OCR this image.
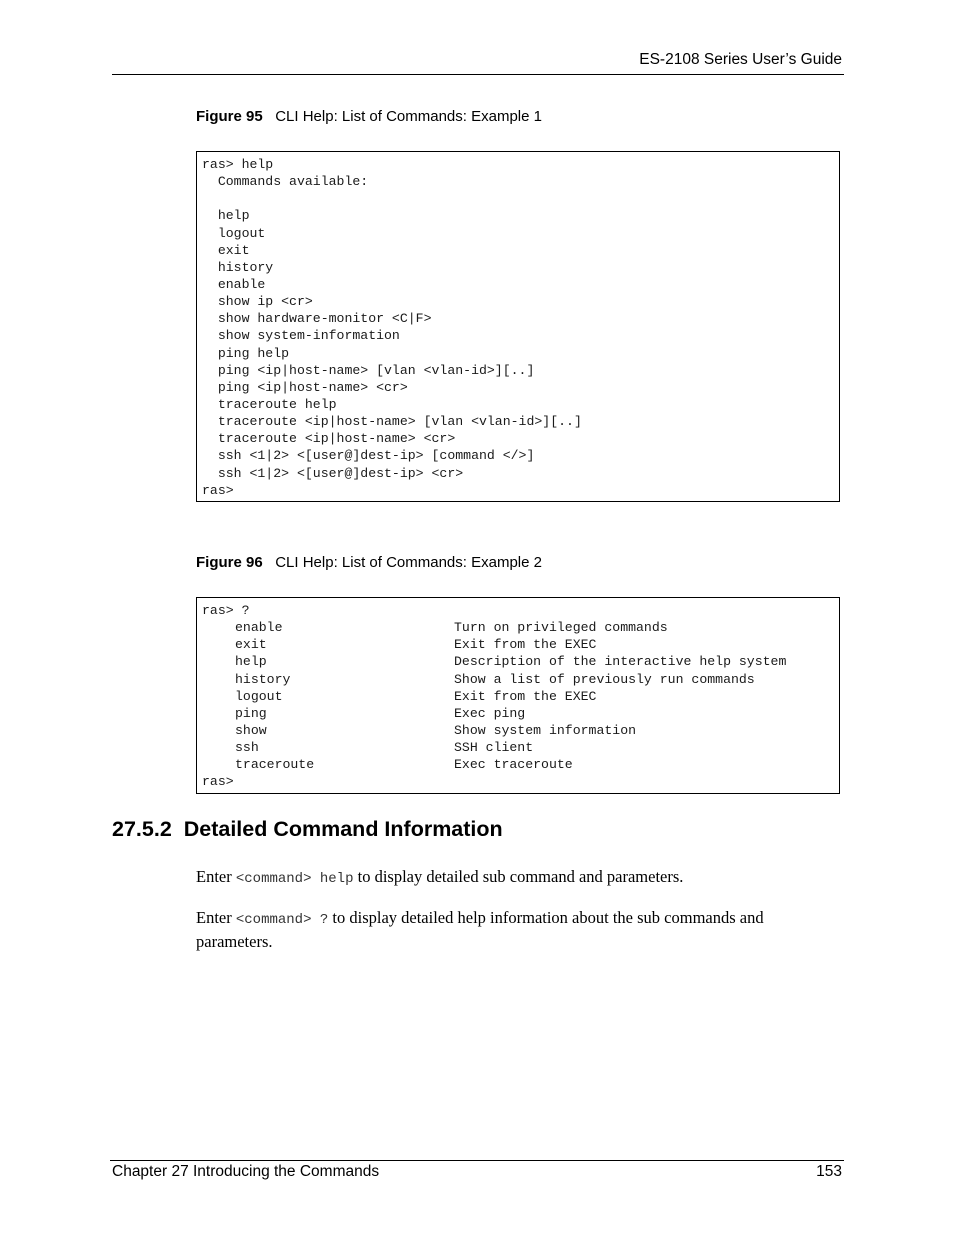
ES-2108 Series User’s Guide
Figure 95 CLI Help: List of Commands: Example 1
ras> help
Commands available:
help
logout
exit
history
enable
show ip <cr>
show hardware-monitor <C|F>
show system-information
ping help
ping <ip|host-name> [vlan <vlan-id>][..]
ping <ip|host-name> <cr>
traceroute help
traceroute <ip|host-name> [vlan <vlan-id>][..]
traceroute <ip|host-name> <cr>
ssh <1|2> <[user@]dest-ip> [command </>]
ssh <1|2> <[user@]dest-ip> <cr>
ras>
Figure 96 CLI Help: List of Commands: Example 2
ras> ?
enable	Turn on privileged commands
exit	Exit from the EXEC
help	Description of the interactive help system
history	Show a list of previously run commands
logout	Exit from the EXEC
ping	Exec ping
show	Show system information
ssh	SSH client
traceroute	Exec traceroute
ras>
27.5.2  Detailed Command Information
Enter <command> help to display detailed sub command and parameters.
Enter <command> ? to display detailed help information about the sub commands and parameters.
Chapter 27 Introducing the Commands	153
